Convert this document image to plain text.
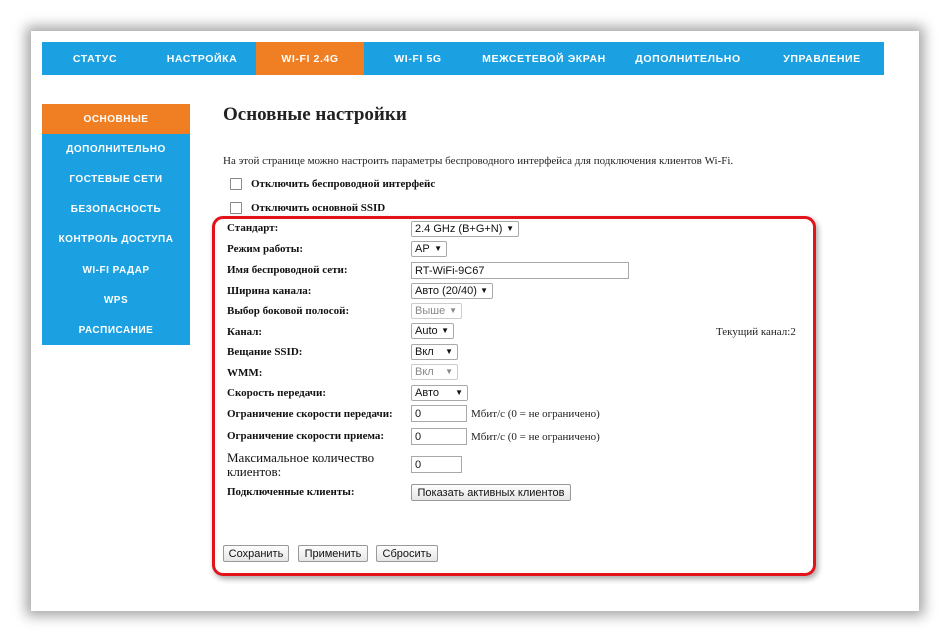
СТАТУС	НАСТРОЙКА	WI-FI 2.4G	WI-FI 5G	МЕЖСЕТЕВОЙ ЭКРАН	ДОПОЛНИТЕЛЬНО	УПРАВЛЕНИЕ
ОСНОВНЫЕ
ДОПОЛНИТЕЛЬНО
ГОСТЕВЫЕ СЕТИ
БЕЗОПАСНОСТЬ
КОНТРОЛЬ ДОСТУПА
WI-FI РАДАР
WPS
РАСПИСАНИЕ
Основные настройки
На этой странице можно настроить параметры беспроводного интерфейса для подключения клиентов Wi-Fi.
Отключить беспроводной интерфейс
Отключить основной SSID
Стандарт:	2.4 GHz (B+G+N) ▼
Режим работы:	AP ▼
Имя беспроводной сети:	RT-WiFi-9C67
Ширина канала:	Авто (20/40) ▼
Выбор боковой полосой:	Выше ▼
Канал:	Auto ▼	Текущий канал:2
Вещание SSID:	Вкл ▼
WMM:	Вкл ▼
Скорость передачи:	Авто ▼
Ограничение скорости передачи:	0	Мбит/с (0 = не ограничено)
Ограничение скорости приема:	0	Мбит/с (0 = не ограничено)
Максимальное количество клиентов:	0
Подключенные клиенты:	Показать активных клиентов
Сохранить	Применить	Сбросить
